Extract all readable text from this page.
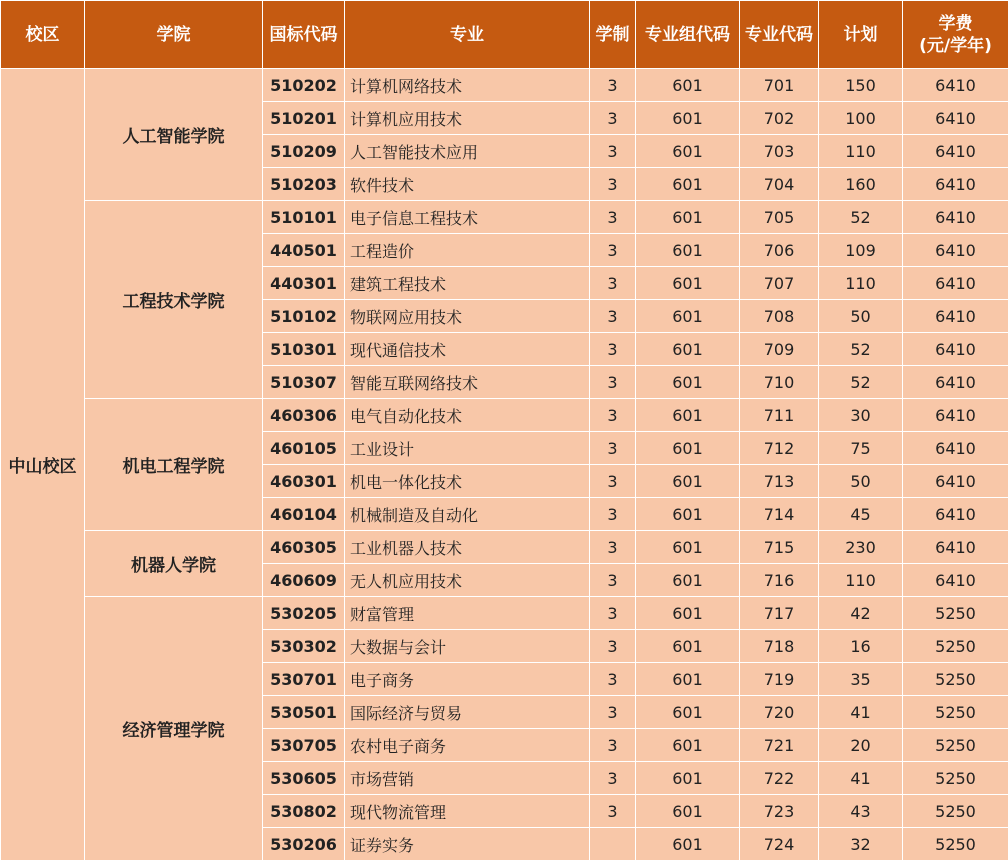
校区	学院	国标代码	专业	学制	专业组代码	专业代码	计划	学费
(元/学年)

中山校区	人工智能学院	510202	计算机网络技术	3	601	701	150	6410
		510201	计算机应用技术	3	601	702	100	6410
		510209	人工智能技术应用	3	601	703	110	6410
		510203	软件技术	3	601	704	160	6410
	工程技术学院	510101	电子信息工程技术	3	601	705	52	6410
		440501	工程造价	3	601	706	109	6410
		440301	建筑工程技术	3	601	707	110	6410
		510102	物联网应用技术	3	601	708	50	6410
		510301	现代通信技术	3	601	709	52	6410
		510307	智能互联网络技术	3	601	710	52	6410
	机电工程学院	460306	电气自动化技术	3	601	711	30	6410
		460105	工业设计	3	601	712	75	6410
		460301	机电一体化技术	3	601	713	50	6410
		460104	机械制造及自动化	3	601	714	45	6410
	机器人学院	460305	工业机器人技术	3	601	715	230	6410
		460609	无人机应用技术	3	601	716	110	6410
	经济管理学院	530205	财富管理	3	601	717	42	5250
		530302	大数据与会计	3	601	718	16	5250
		530701	电子商务	3	601	719	35	5250
		530501	国际经济与贸易	3	601	720	41	5250
		530705	农村电子商务	3	601	721	20	5250
		530605	市场营销	3	601	722	41	5250
		530802	现代物流管理	3	601	723	43	5250
		530206	证券实务		601	724	32	5250
